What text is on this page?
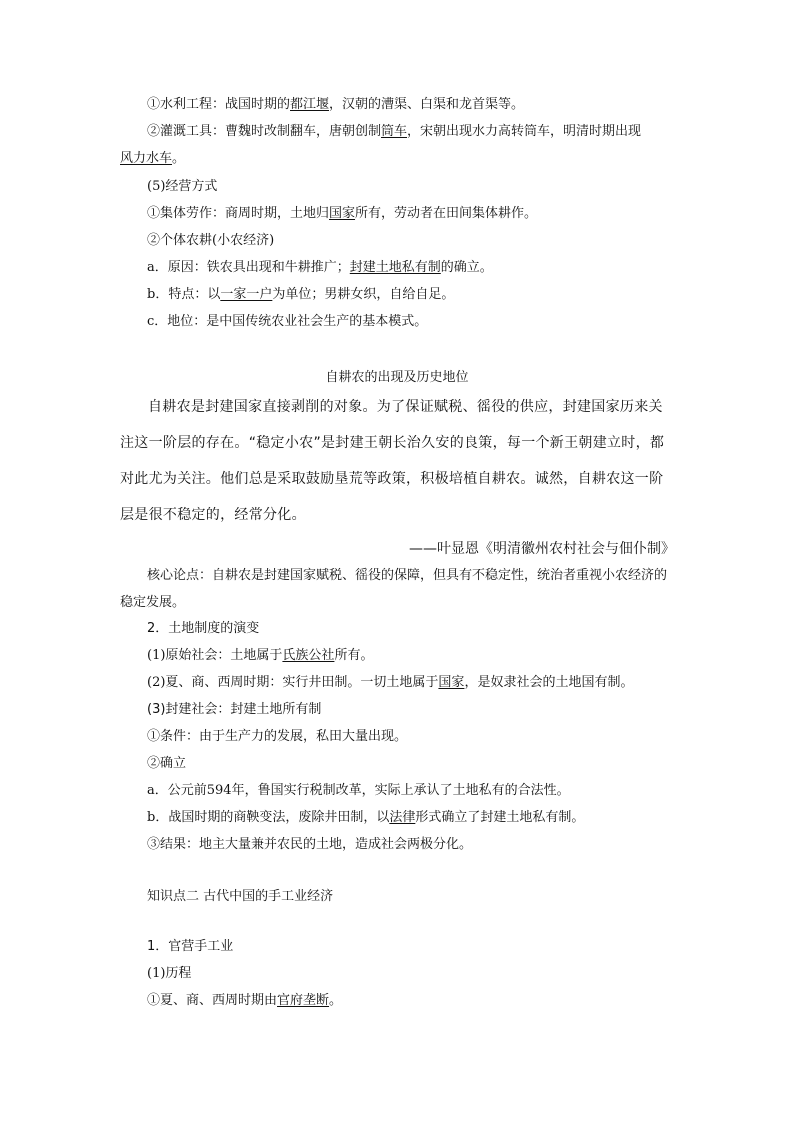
①水利工程：战国时期的都江堰，汉朝的漕渠、白渠和龙首渠等。
②灌溉工具：曹魏时改制翻车，唐朝创制筒车，宋朝出现水力高转筒车，明清时期出现
风力水车。
(5)经营方式
①集体劳作：商周时期，土地归国家所有，劳动者在田间集体耕作。
②个体农耕(小农经济)
a．原因：铁农具出现和牛耕推广；封建土地私有制的确立。
b．特点：以一家一户为单位；男耕女织，自给自足。
c．地位：是中国传统农业社会生产的基本模式。
自耕农的出现及历史地位
自耕农是封建国家直接剥削的对象。为了保证赋税、徭役的供应，封建国家历来关注这一阶层的存在。“稳定小农”是封建王朝长治久安的良策，每一个新王朝建立时，都对此尤为关注。他们总是采取鼓励垦荒等政策，积极培植自耕农。诚然，自耕农这一阶层是很不稳定的，经常分化。
——叶显恩《明清徽州农村社会与佃仆制》
核心论点：自耕农是封建国家赋税、徭役的保障，但具有不稳定性，统治者重视小农经济的稳定发展。
2．土地制度的演变
(1)原始社会：土地属于氏族公社所有。
(2)夏、商、西周时期：实行井田制。一切土地属于国家，是奴隶社会的土地国有制。
(3)封建社会：封建土地所有制
①条件：由于生产力的发展，私田大量出现。
②确立
a．公元前594年，鲁国实行税制改革，实际上承认了土地私有的合法性。
b．战国时期的商鞅变法，废除井田制，以法律形式确立了封建土地私有制。
③结果：地主大量兼并农民的土地，造成社会两极分化。
知识点二 古代中国的手工业经济
1．官营手工业
(1)历程
①夏、商、西周时期由官府垄断。
